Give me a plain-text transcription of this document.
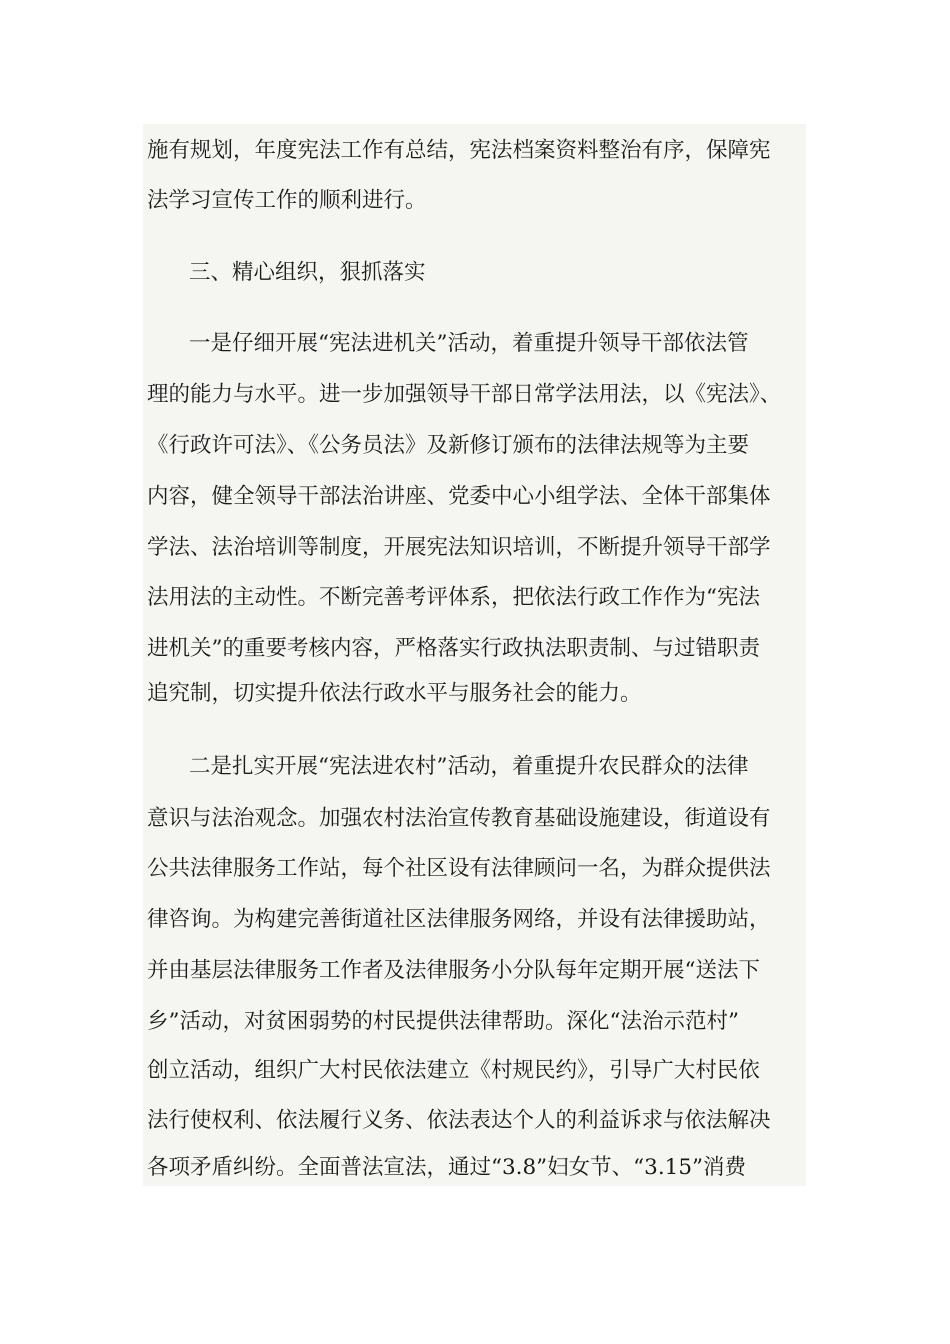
施有规划，年度宪法工作有总结，宪法档案资料整治有序，保障宪
法学习宣传工作的顺利进行。
三、精心组织，狠抓落实
一是仔细开展“宪法进机关”活动，着重提升领导干部依法管
理的能力与水平。进一步加强领导干部日常学法用法，以《宪法》、
《行政许可法》、《公务员法》及新修订颁布的法律法规等为主要
内容，健全领导干部法治讲座、党委中心小组学法、全体干部集体
学法、法治培训等制度，开展宪法知识培训，不断提升领导干部学
法用法的主动性。不断完善考评体系，把依法行政工作作为“宪法
进机关”的重要考核内容，严格落实行政执法职责制、与过错职责
追究制，切实提升依法行政水平与服务社会的能力。
二是扎实开展“宪法进农村”活动，着重提升农民群众的法律
意识与法治观念。加强农村法治宣传教育基础设施建设，街道设有
公共法律服务工作站，每个社区设有法律顾问一名，为群众提供法
律咨询。为构建完善街道社区法律服务网络，并设有法律援助站，
并由基层法律服务工作者及法律服务小分队每年定期开展“送法下
乡”活动，对贫困弱势的村民提供法律帮助。深化“法治示范村”
创立活动，组织广大村民依法建立《村规民约》，引导广大村民依
法行使权利、依法履行义务、依法表达个人的利益诉求与依法解决
各项矛盾纠纷。全面普法宣法，通过“3.8”妇女节、“3.15”消费
